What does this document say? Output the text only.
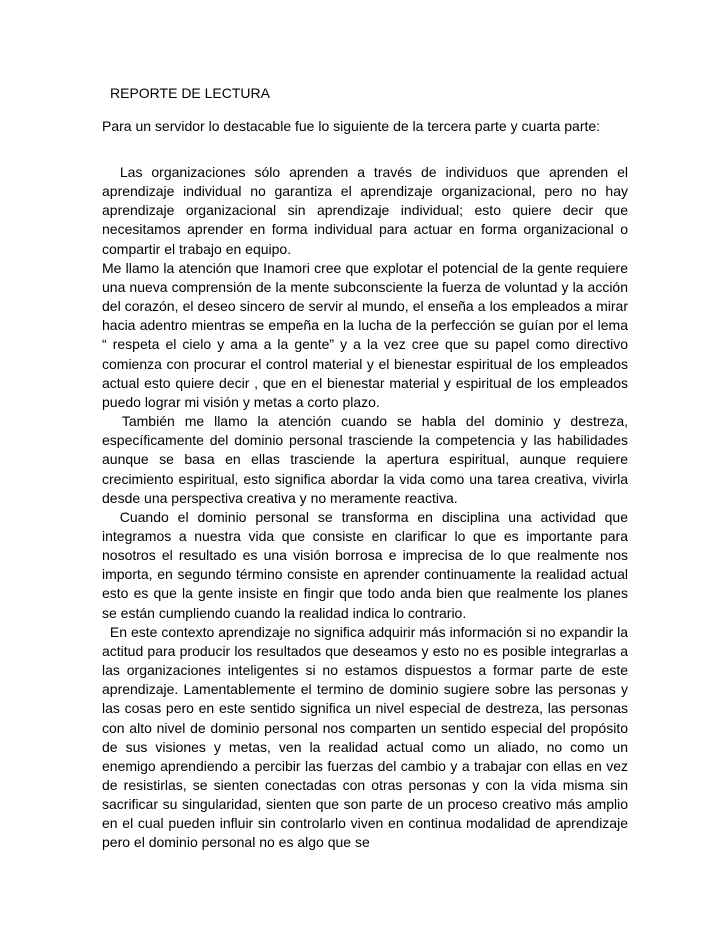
REPORTE DE LECTURA
Para un servidor lo destacable fue lo siguiente de la tercera parte y cuarta parte:

Las organizaciones sólo aprenden a través de individuos que aprenden el aprendizaje individual no garantiza el aprendizaje organizacional, pero no hay aprendizaje organizacional sin aprendizaje individual; esto quiere decir que necesitamos aprender en forma individual para actuar en forma organizacional o compartir el trabajo en equipo.

Me llamo la atención que Inamori cree que explotar el potencial de la gente requiere una nueva comprensión de la mente subconsciente la fuerza de voluntad y la acción del corazón, el deseo sincero de servir al mundo, el enseña a los empleados a mirar hacia adentro mientras se empeña en la lucha de la perfección se guían por el lema “ respeta el cielo y ama a la gente” y a la vez cree que su papel como directivo comienza con procurar el control material y el bienestar espiritual de los empleados actual esto quiere decir , que en el bienestar material y espiritual de los empleados puedo lograr mi visión y metas a corto plazo.

También me llamo la atención cuando se habla del dominio y destreza, específicamente del dominio personal trasciende la competencia y las habilidades aunque se basa en ellas trasciende la apertura espiritual, aunque requiere crecimiento espiritual, esto significa abordar la vida como una tarea creativa, vivirla desde una perspectiva creativa y no meramente reactiva.

Cuando el dominio personal se transforma en disciplina una actividad que integramos a nuestra vida que consiste en clarificar lo que es importante para nosotros el resultado es una visión borrosa e imprecisa de lo que realmente nos importa, en segundo término consiste en aprender continuamente la realidad actual esto es que la gente insiste en fingir que todo anda bien que realmente los planes se están cumpliendo cuando la realidad indica lo contrario.

En este contexto aprendizaje no significa adquirir más información si no expandir la actitud para producir los resultados que deseamos y esto no es posible integrarlas a las organizaciones inteligentes si no estamos dispuestos a formar parte de este aprendizaje. Lamentablemente el termino de dominio sugiere sobre las personas y las cosas pero en este sentido significa un nivel especial de destreza, las personas con alto nivel de dominio personal nos comparten un sentido especial del propósito de sus visiones y metas, ven la realidad actual como un aliado, no como un enemigo aprendiendo a percibir las fuerzas del cambio y a trabajar con ellas en vez de resistirlas, se sienten conectadas con otras personas y con la vida misma sin sacrificar su singularidad, sienten que son parte de un proceso creativo más amplio en el cual pueden influir sin controlarlo viven en continua modalidad de aprendizaje pero el dominio personal no es algo que se
